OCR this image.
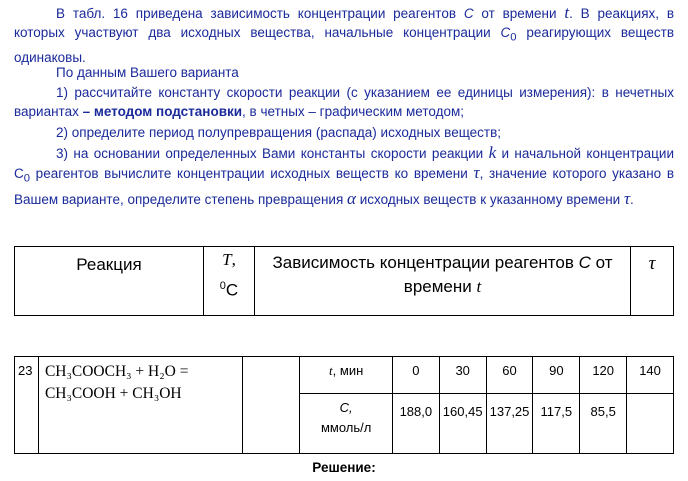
В табл. 16 приведена зависимость концентрации реагентов С от времени t. В реакциях, в которых участвуют два исходных вещества, начальные концентрации $С_0$ реагирующих веществ одинаковы.
По данным Вашего варианта
1) рассчитайте константу скорости реакции (с указанием ее единицы измерения): в нечетных вариантах – методом подстановки, в четных – графическим методом;
2) определите период полупревращения (распада) исходных веществ;
3) на основании определенных Вами константы скорости реакции k и начальной концентрации $С_0$ реагентов вычислите концентрации исходных веществ ко времени τ, значение которого указано в Вашем варианте, определите степень превращения α исходных веществ к указанному времени τ.
Реакция	T,
$^0$С	Зависимость концентрации реагентов С от времени t	τ
23	CH₃COOCH₃ + H₂O =
CH₃COOH + CH₃OH		t, мин	0	30	60	90	120	140
			С,
ммоль/л	188,0	160,45	137,25	117,5	85,5	
Решение:
